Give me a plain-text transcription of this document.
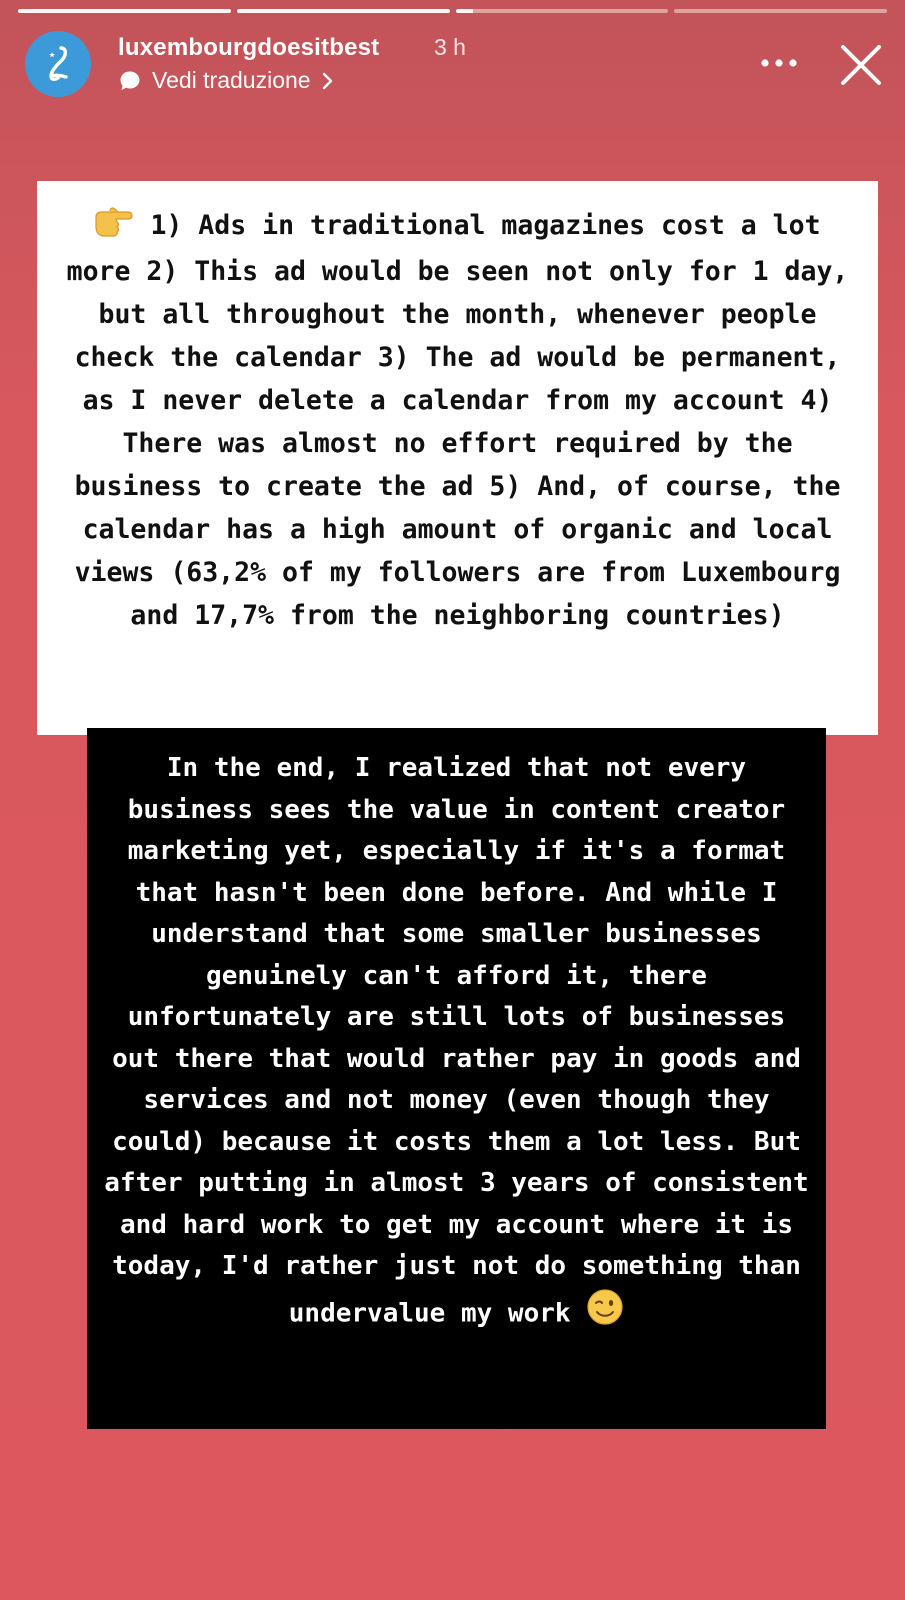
luxembourgdoesitbest 3 h
Vedi traduzione
1) Ads in traditional magazines cost a lot more 2) This ad would be seen not only for 1 day, but all throughout the month, whenever people check the calendar 3) The ad would be permanent, as I never delete a calendar from my account 4) There was almost no effort required by the business to create the ad 5) And, of course, the calendar has a high amount of organic and local views (63,2% of my followers are from Luxembourg and 17,7% from the neighboring countries)
In the end, I realized that not every business sees the value in content creator marketing yet, especially if it's a format that hasn't been done before. And while I understand that some smaller businesses genuinely can't afford it, there unfortunately are still lots of businesses out there that would rather pay in goods and services and not money (even though they could) because it costs them a lot less. But after putting in almost 3 years of consistent and hard work to get my account where it is today, I'd rather just not do something than undervalue my work
